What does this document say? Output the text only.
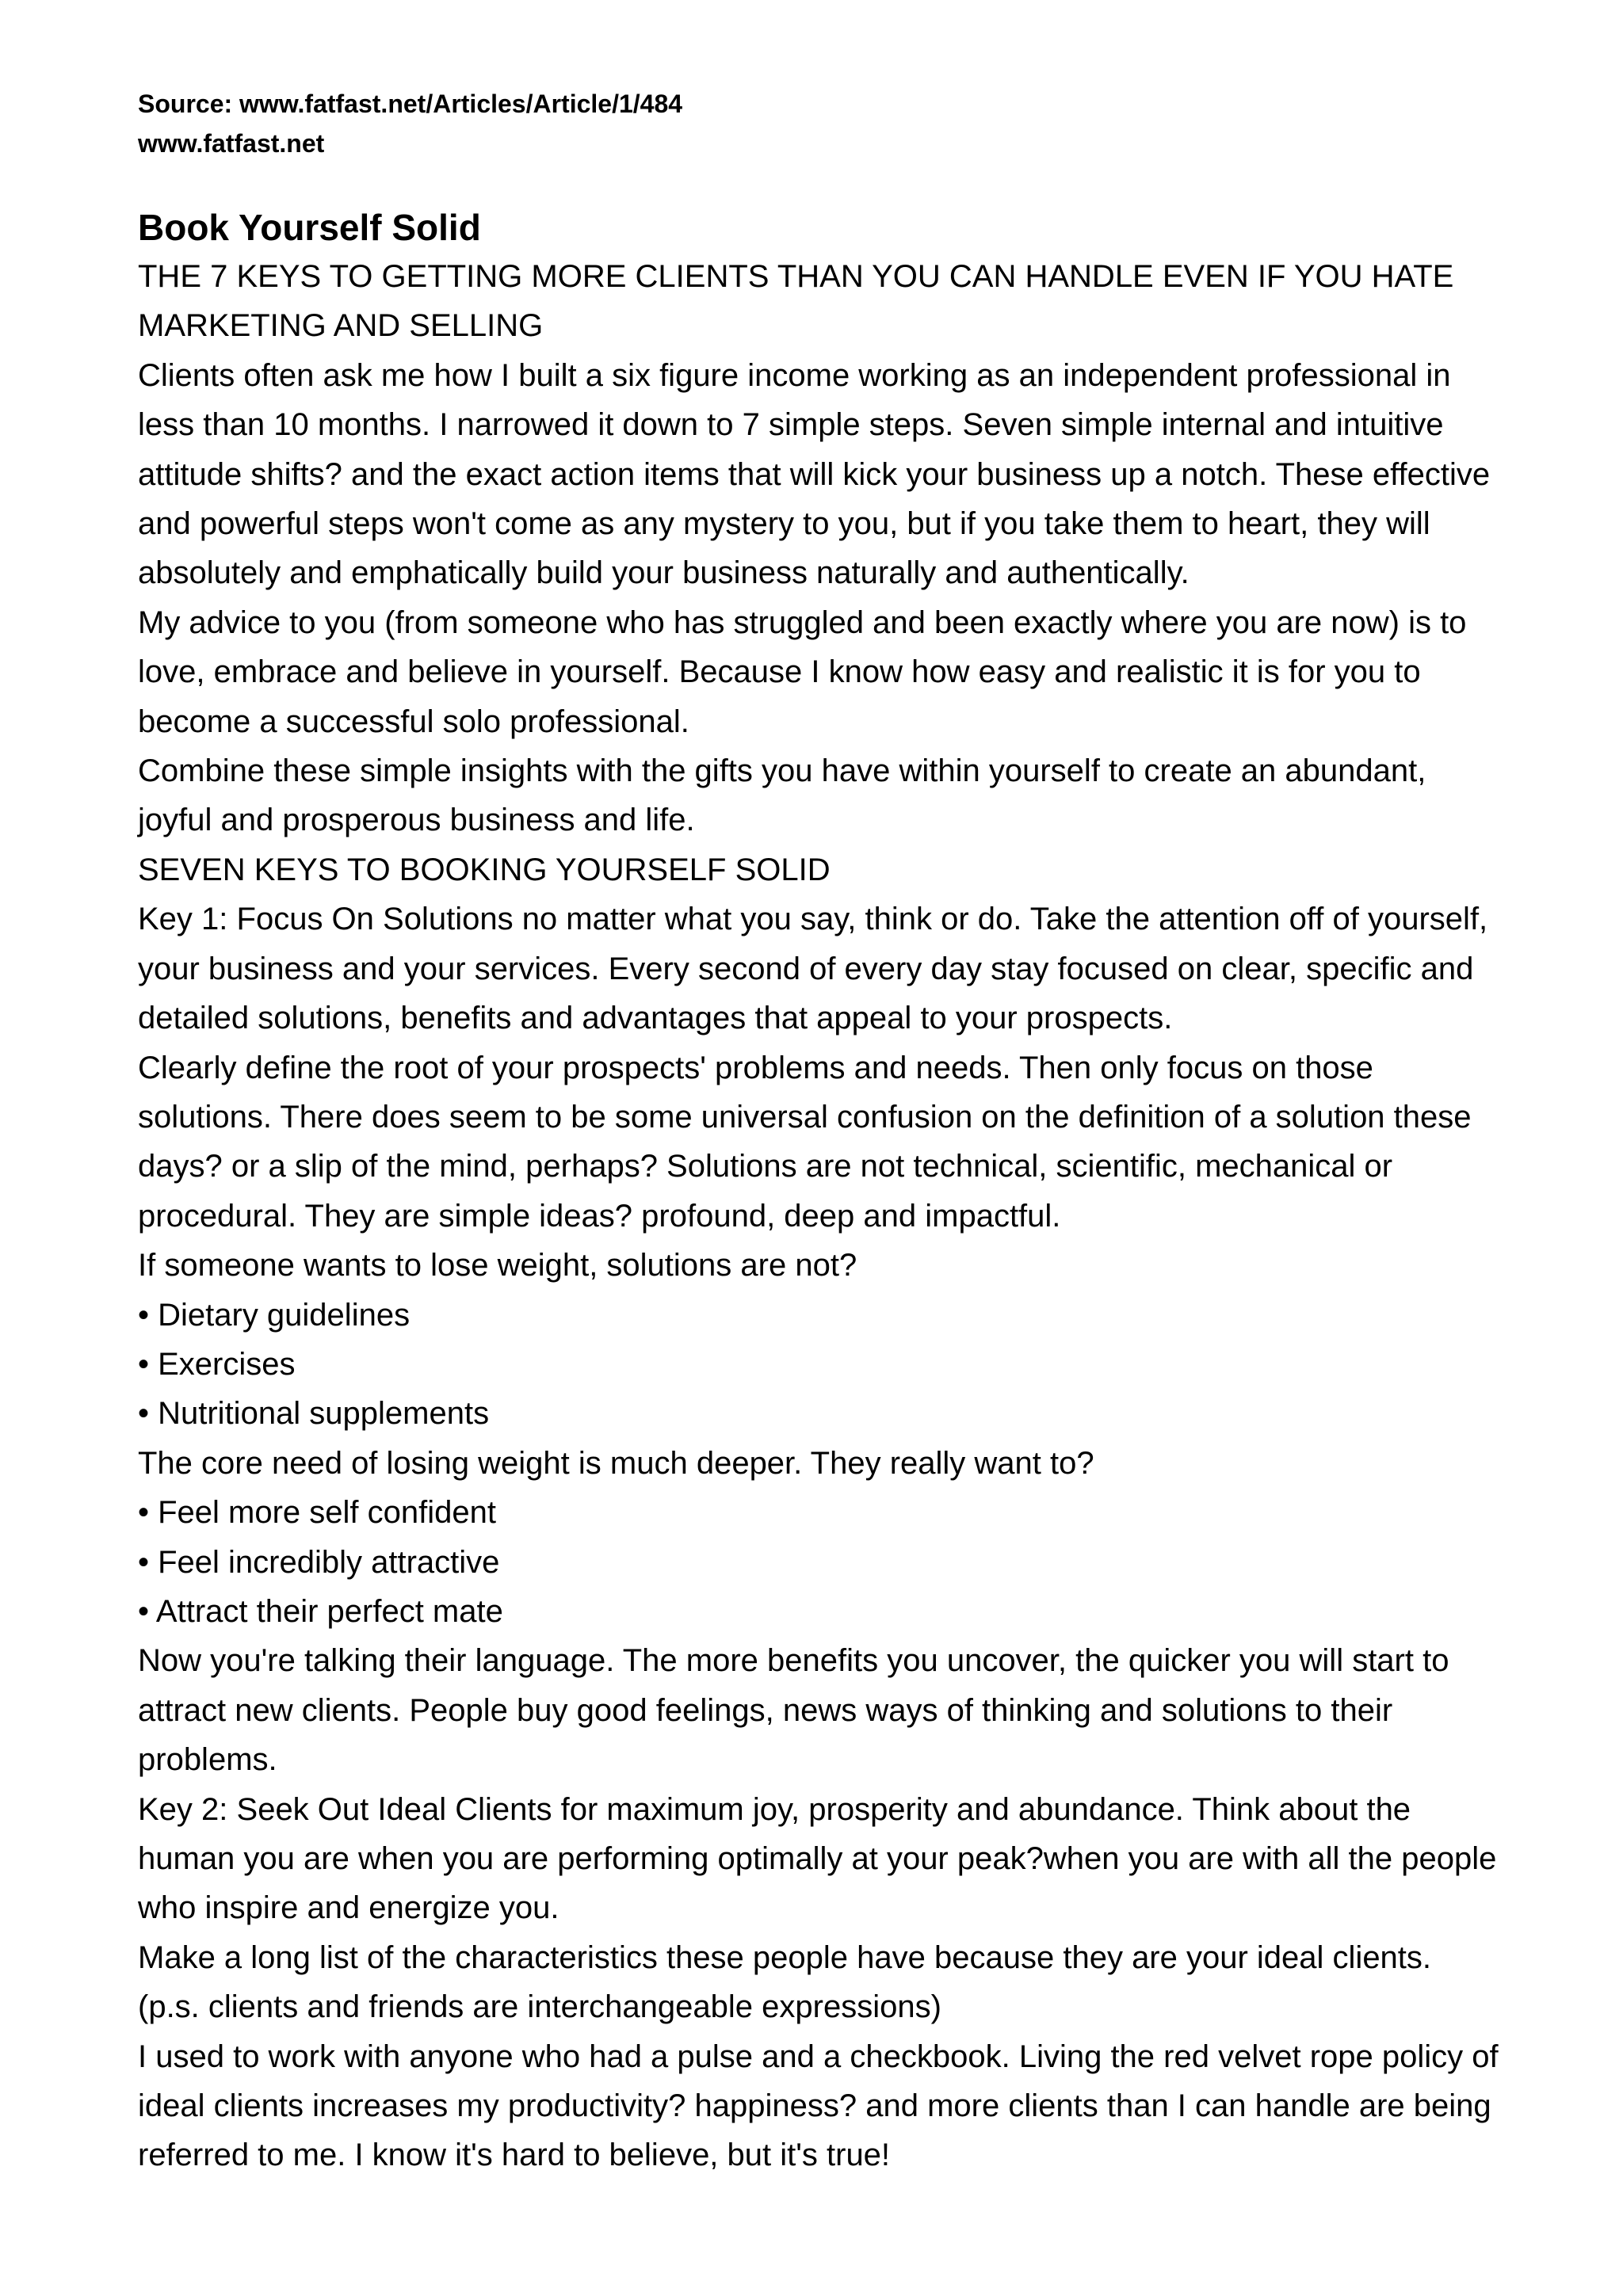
Source: www.fatfast.net/Articles/Article/1/484

www.fatfast.net

Book Yourself Solid

THE 7 KEYS TO GETTING MORE CLIENTS THAN YOU CAN HANDLE EVEN IF YOU HATE MARKETING AND SELLING

Clients often ask me how I built a six figure income working as an independent professional in less than 10 months. I narrowed it down to 7 simple steps. Seven simple internal and intuitive attitude shifts? and the exact action items that will kick your business up a notch. These effective and powerful steps won't come as any mystery to you, but if you take them to heart, they will absolutely and emphatically build your business naturally and authentically.

My advice to you (from someone who has struggled and been exactly where you are now) is to love, embrace and believe in yourself. Because I know how easy and realistic it is for you to become a successful solo professional.

Combine these simple insights with the gifts you have within yourself to create an abundant, joyful and prosperous business and life.

SEVEN KEYS TO BOOKING YOURSELF SOLID

Key 1: Focus On Solutions no matter what you say, think or do. Take the attention off of yourself, your business and your services. Every second of every day stay focused on clear, specific and detailed solutions, benefits and advantages that appeal to your prospects.

Clearly define the root of your prospects' problems and needs. Then only focus on those solutions. There does seem to be some universal confusion on the definition of a solution these days? or a slip of the mind, perhaps? Solutions are not technical, scientific, mechanical or procedural. They are simple ideas? profound, deep and impactful.

If someone wants to lose weight, solutions are not?

• Dietary guidelines

• Exercises

• Nutritional supplements

The core need of losing weight is much deeper. They really want to?

• Feel more self confident

• Feel incredibly attractive

• Attract their perfect mate

Now you're talking their language. The more benefits you uncover, the quicker you will start to attract new clients. People buy good feelings, news ways of thinking and solutions to their problems.

Key 2: Seek Out Ideal Clients for maximum joy, prosperity and abundance. Think about the human you are when you are performing optimally at your peak?when you are with all the people who inspire and energize you.

Make a long list of the characteristics these people have because they are your ideal clients. (p.s. clients and friends are interchangeable expressions)

I used to work with anyone who had a pulse and a checkbook. Living the red velvet rope policy of ideal clients increases my productivity? happiness? and more clients than I can handle are being referred to me. I know it's hard to believe, but it's true!
